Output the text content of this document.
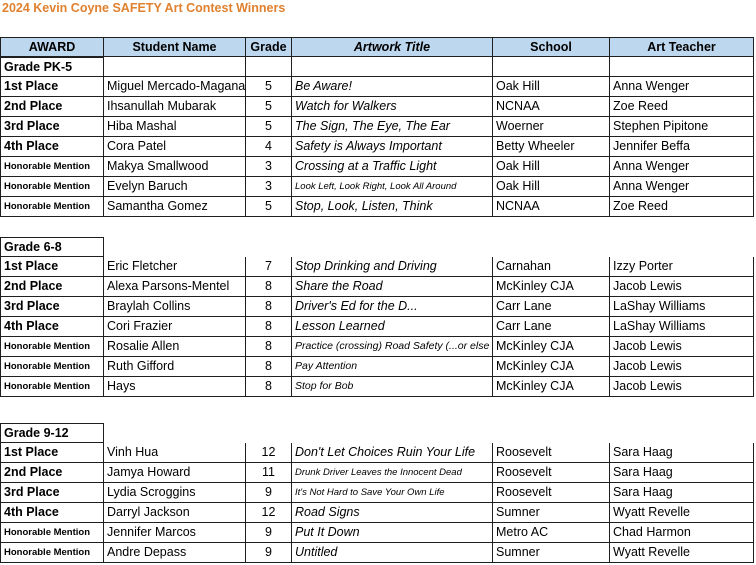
2024 Kevin Coyne SAFETY Art Contest Winners
AWARD	Student Name	Grade	Artwork Title	School	Art Teacher
Grade PK-5
1st Place	Miguel Mercado-Magana	5	Be Aware!	Oak Hill	Anna Wenger
2nd Place	Ihsanullah Mubarak	5	Watch for Walkers	NCNAA	Zoe Reed
3rd Place	Hiba Mashal	5	The Sign, The Eye, The Ear	Woerner	Stephen Pipitone
4th Place	Cora Patel	4	Safety is Always Important	Betty Wheeler	Jennifer Beffa
Honorable Mention	Makya Smallwood	3	Crossing at a Traffic Light	Oak Hill	Anna Wenger
Honorable Mention	Evelyn Baruch	3	Look Left, Look Right, Look All Around	Oak Hill	Anna Wenger
Honorable Mention	Samantha Gomez	5	Stop, Look, Listen, Think	NCNAA	Zoe Reed
Grade 6-8
1st Place	Eric Fletcher	7	Stop Drinking and Driving	Carnahan	Izzy Porter
2nd Place	Alexa Parsons-Mentel	8	Share the Road	McKinley CJA	Jacob Lewis
3rd Place	Braylah Collins	8	Driver's Ed for the D...	Carr Lane	LaShay Williams
4th Place	Cori Frazier	8	Lesson Learned	Carr Lane	LaShay Williams
Honorable Mention	Rosalie Allen	8	Practice (crossing) Road Safety (...or else McKinley CJA	Jacob Lewis
Honorable Mention	Ruth Gifford	8	Pay Attention	McKinley CJA	Jacob Lewis
Honorable Mention	Hays	8	Stop for Bob	McKinley CJA	Jacob Lewis
Grade 9-12
1st Place	Vinh Hua	12	Don't Let Choices Ruin Your Life	Roosevelt	Sara Haag
2nd Place	Jamya Howard	11	Drunk Driver Leaves the Innocent Dead	Roosevelt	Sara Haag
3rd Place	Lydia Scroggins	9	It's Not Hard to Save Your Own Life	Roosevelt	Sara Haag
4th Place	Darryl Jackson	12	Road Signs	Sumner	Wyatt Revelle
Honorable Mention	Jennifer Marcos	9	Put It Down	Metro AC	Chad Harmon
Honorable Mention	Andre Depass	9	Untitled	Sumner	Wyatt Revelle
